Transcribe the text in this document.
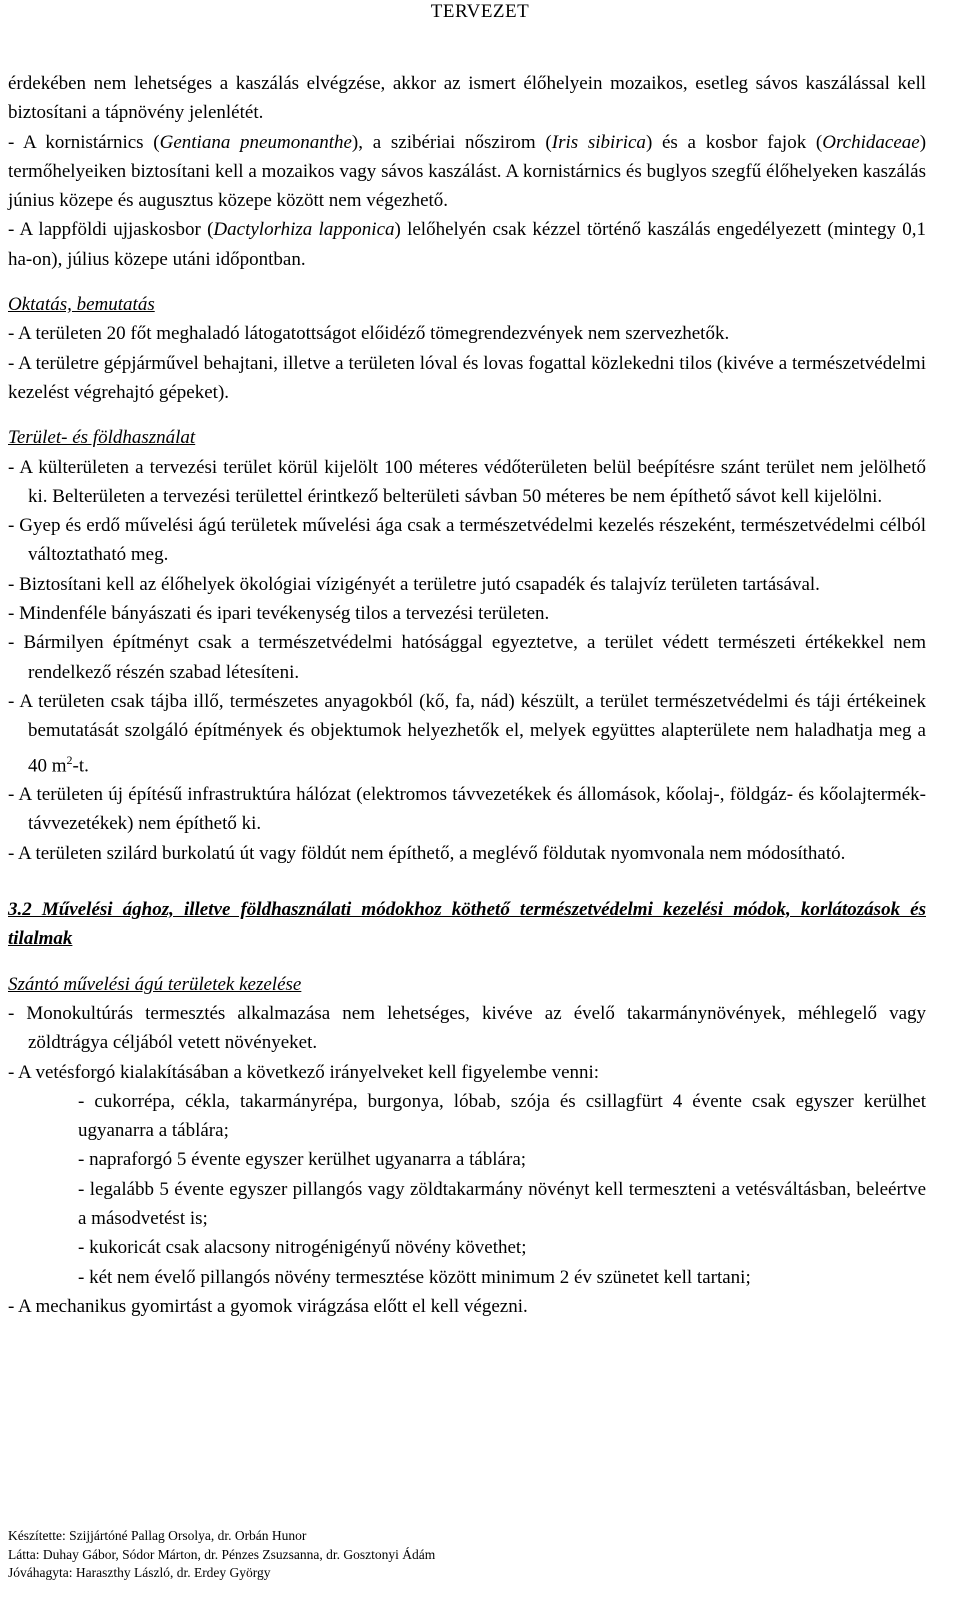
TERVEZET

érdekében nem lehetséges a kaszálás elvégzése, akkor az ismert élőhelyein mozaikos, esetleg sávos kaszálással kell biztosítani a tápnövény jelenlétét.

- A kornistárnics (Gentiana pneumonanthe), a szibériai nőszirom (Iris sibirica) és a kosbor fajok (Orchidaceae) termőhelyeiken biztosítani kell a mozaikos vagy sávos kaszálást. A kornistárnics és buglyos szegfű élőhelyeken kaszálás június közepe és augusztus közepe között nem végezhető.

- A lappföldi ujjaskosbor (Dactylorhiza lapponica) lelőhelyén csak kézzel történő kaszálás engedélyezett (mintegy 0,1 ha-on), július közepe utáni időpontban.

Oktatás, bemutatás

- A területen 20 főt meghaladó látogatottságot előidéző tömegrendezvények nem szervezhetők.

- A területre gépjárművel behajtani, illetve a területen lóval és lovas fogattal közlekedni tilos (kivéve a természetvédelmi kezelést végrehajtó gépeket).

Terület- és földhasználat

- A külterületen a tervezési terület körül kijelölt 100 méteres védőterületen belül beépítésre szánt terület nem jelölhető ki. Belterületen a tervezési területtel érintkező belterületi sávban 50 méteres be nem építhető sávot kell kijelölni.

- Gyep és erdő művelési ágú területek művelési ága csak a természetvédelmi kezelés részeként, természetvédelmi célból változtatható meg.

- Biztosítani kell az élőhelyek ökológiai vízigényét a területre jutó csapadék és talajvíz területen tartásával.

- Mindenféle bányászati és ipari tevékenység tilos a tervezési területen.

- Bármilyen építményt csak a természetvédelmi hatósággal egyeztetve, a terület védett természeti értékekkel nem rendelkező részén szabad létesíteni.

- A területen csak tájba illő, természetes anyagokból (kő, fa, nád) készült, a terület természetvédelmi és táji értékeinek bemutatását szolgáló építmények és objektumok helyezhetők el, melyek együttes alapterülete nem haladhatja meg a 40 $m^2-t$.

- A területen új építésű infrastruktúra hálózat (elektromos távvezetékek és állomások, kőolaj-, földgáz- és kőolajtermék-távvezetékek) nem építhető ki.

- A területen szilárd burkolatú út vagy földút nem építhető, a meglévő földutak nyomvonala nem módosítható.

3.2 Művelési ághoz, illetve földhasználati módokhoz köthető természetvédelmi kezelési módok, korlátozások és tilalmak

Szántó művelési ágú területek kezelése

- Monokultúrás termesztés alkalmazása nem lehetséges, kivéve az évelő takarmánynövények, méhlegelő vagy zöldtrágya céljából vetett növényeket.

- A vetésforgó kialakításában a következő irányelveket kell figyelembe venni:

- cukorrépa, cékla, takarmányrépa, burgonya, lóbab, szója és csillagfürt 4 évente csak egyszer kerülhet ugyanarra a táblára;

- napraforgó 5 évente egyszer kerülhet ugyanarra a táblára;

- legalább 5 évente egyszer pillangós vagy zöldtakarmány növényt kell termeszteni a vetésváltásban, beleértve a másodvetést is;

- kukoricát csak alacsony nitrogénigényű növény követhet;

- két nem évelő pillangós növény termesztése között minimum 2 év szünetet kell tartani;

- A mechanikus gyomirtást a gyomok virágzása előtt el kell végezni.

Készítette: Szijjártóné Pallag Orsolya, dr. Orbán Hunor
Látta: Duhay Gábor, Sódor Márton, dr. Pénzes Zsuzsanna, dr. Gosztonyi Ádám
Jóváhagyta: Haraszthy László, dr. Erdey György
